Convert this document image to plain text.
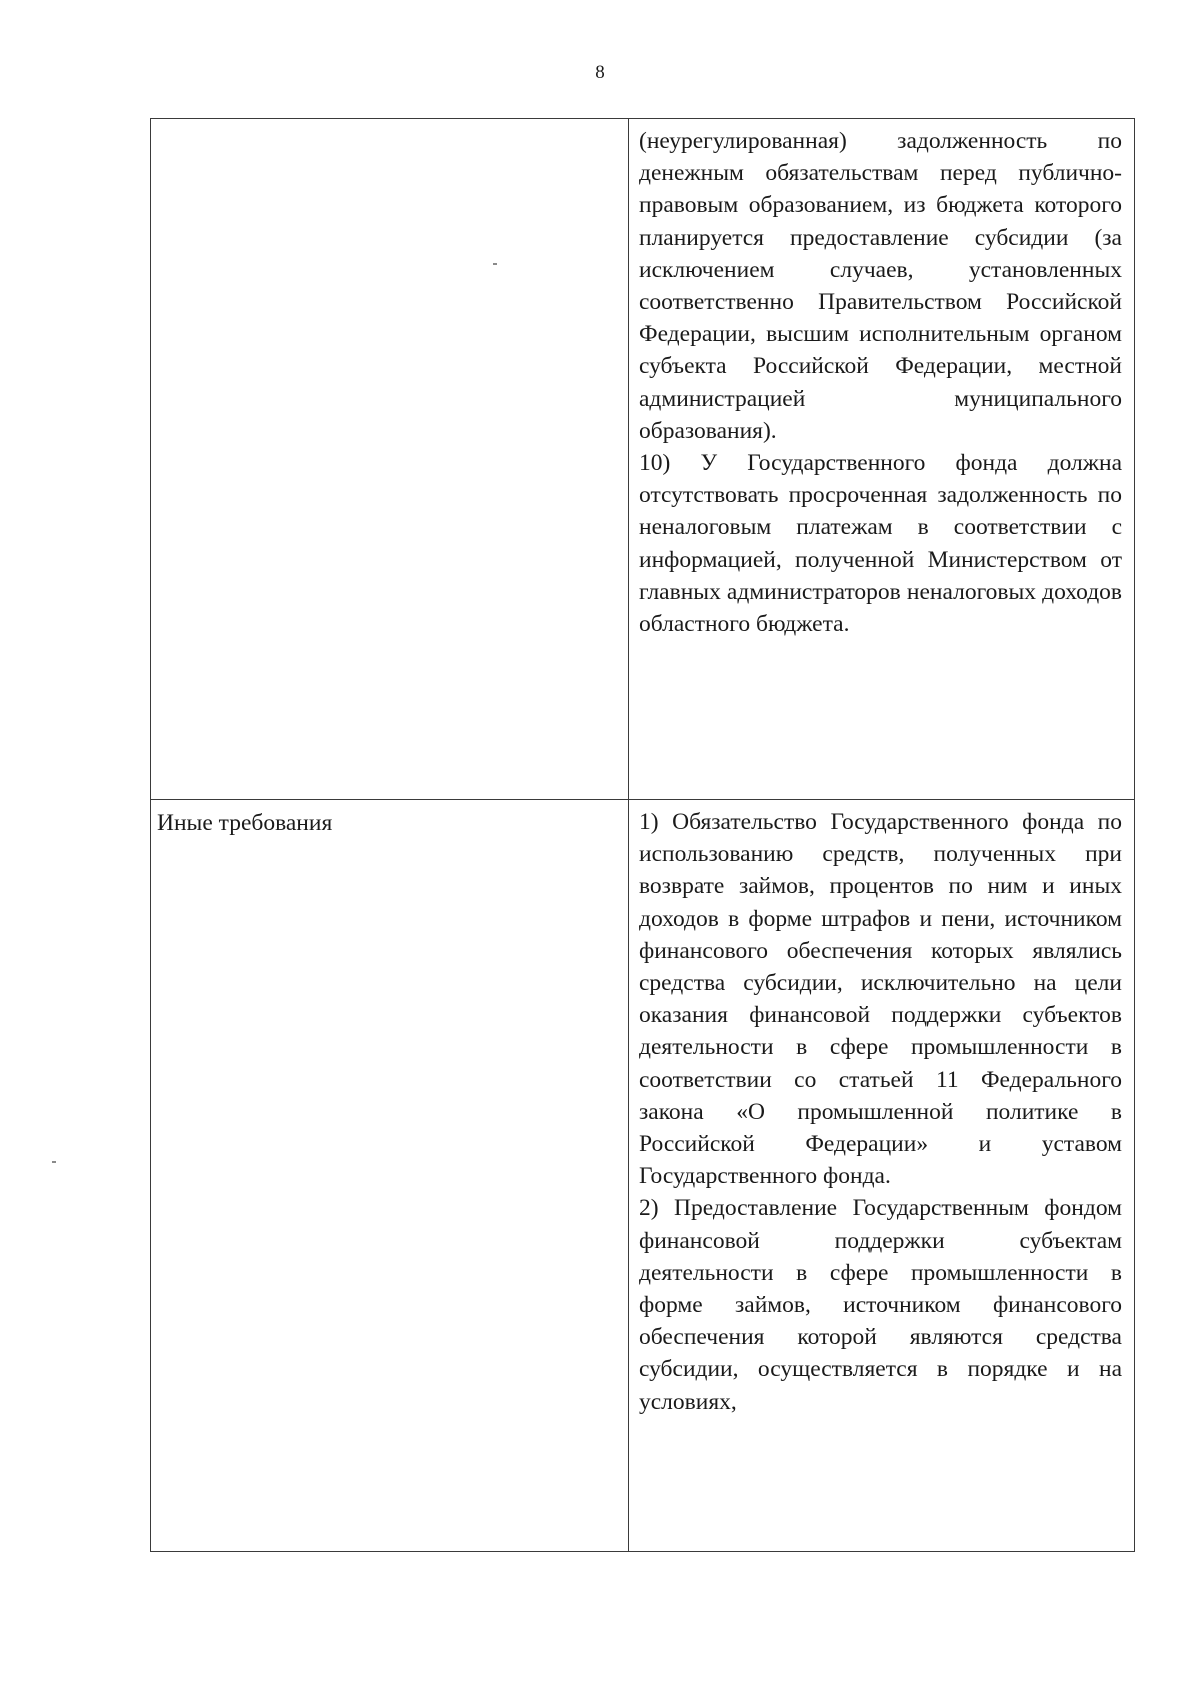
8

	(неурегулированная) задолженность по денежным обязательствам перед публично-правовым образованием, из бюджета которого планируется предоставление субсидии (за исключением случаев, установленных соответственно Правительством Российской Федерации, высшим исполнительным органом субъекта Российской Федерации, местной администрацией муниципального образования).

10) У Государственного фонда должна отсутствовать просроченная задолженность по неналоговым платежам в соответствии с информацией, полученной Министерством от главных администраторов неналоговых доходов областного бюджета.

Иные требования	1) Обязательство Государственного фонда по использованию средств, полученных при возврате займов, процентов по ним и иных доходов в форме штрафов и пени, источником финансового обеспечения которых являлись средства субсидии, исключительно на цели оказания финансовой поддержки субъектов деятельности в сфере промышленности в соответствии со статьей 11 Федерального закона «О промышленной политике в Российской Федерации» и уставом Государственного фонда.

2) Предоставление Государственным фондом финансовой поддержки субъектам деятельности в сфере промышленности в форме займов, источником финансового обеспечения которой являются средства субсидии, осуществляется в порядке и на условиях,
